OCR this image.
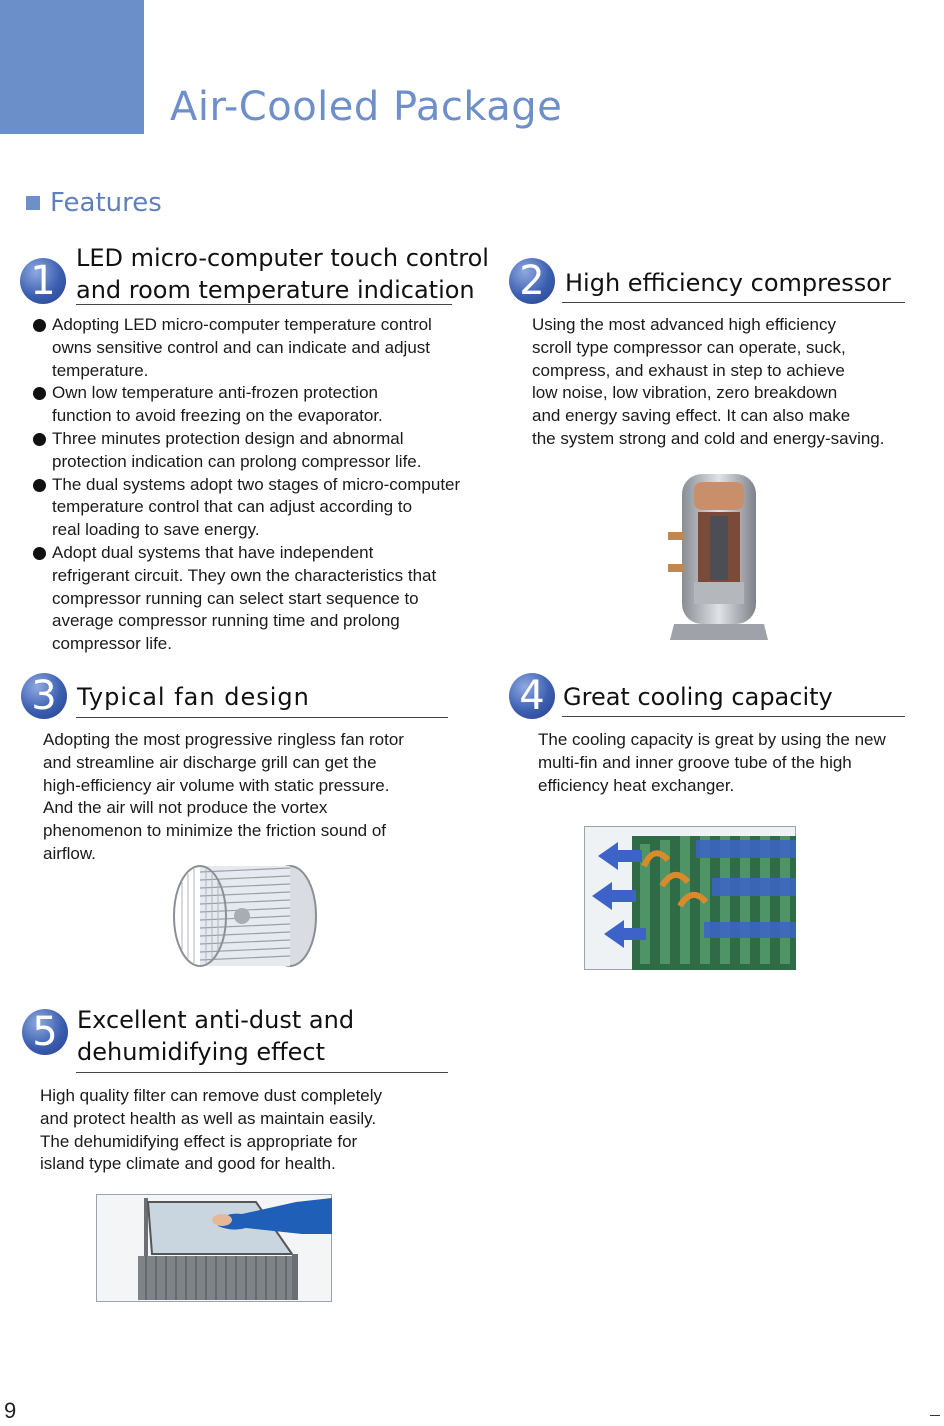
Air-Cooled Package
Features
1 LED micro-computer touch control
and room temperature indication
Adopting LED micro-computer temperature control
owns sensitive control and can indicate and adjust
temperature.
Own low temperature anti-frozen protection
function to avoid freezing on the evaporator.
Three minutes protection design and abnormal
protection indication can prolong compressor life.
The dual systems adopt two stages of micro-computer
temperature control that can adjust according to
real loading to save energy.
Adopt dual systems that have independent
refrigerant circuit. They own the characteristics that
compressor running can select start sequence to
average compressor running time and prolong
compressor life.
2 High efficiency compressor
Using the most advanced high efficiency
scroll type compressor can operate, suck,
compress, and exhaust in step to achieve
low noise, low vibration, zero breakdown
and energy saving effect. It can also make
the system strong and cold and energy-saving.
3 Typical fan design
Adopting the most progressive ringless fan rotor
and streamline air discharge grill can get the
high-efficiency air volume with static pressure.
And the air will not produce the vortex
phenomenon to minimize the friction sound of
airflow.
4 Great cooling capacity
The cooling capacity is great by using the new
multi-fin and inner groove tube of the high
efficiency heat exchanger.
5 Excellent anti-dust and
dehumidifying effect
High quality filter can remove dust completely
and protect health as well as maintain easily.
The dehumidifying effect is appropriate for
island type climate and good for health.
9
